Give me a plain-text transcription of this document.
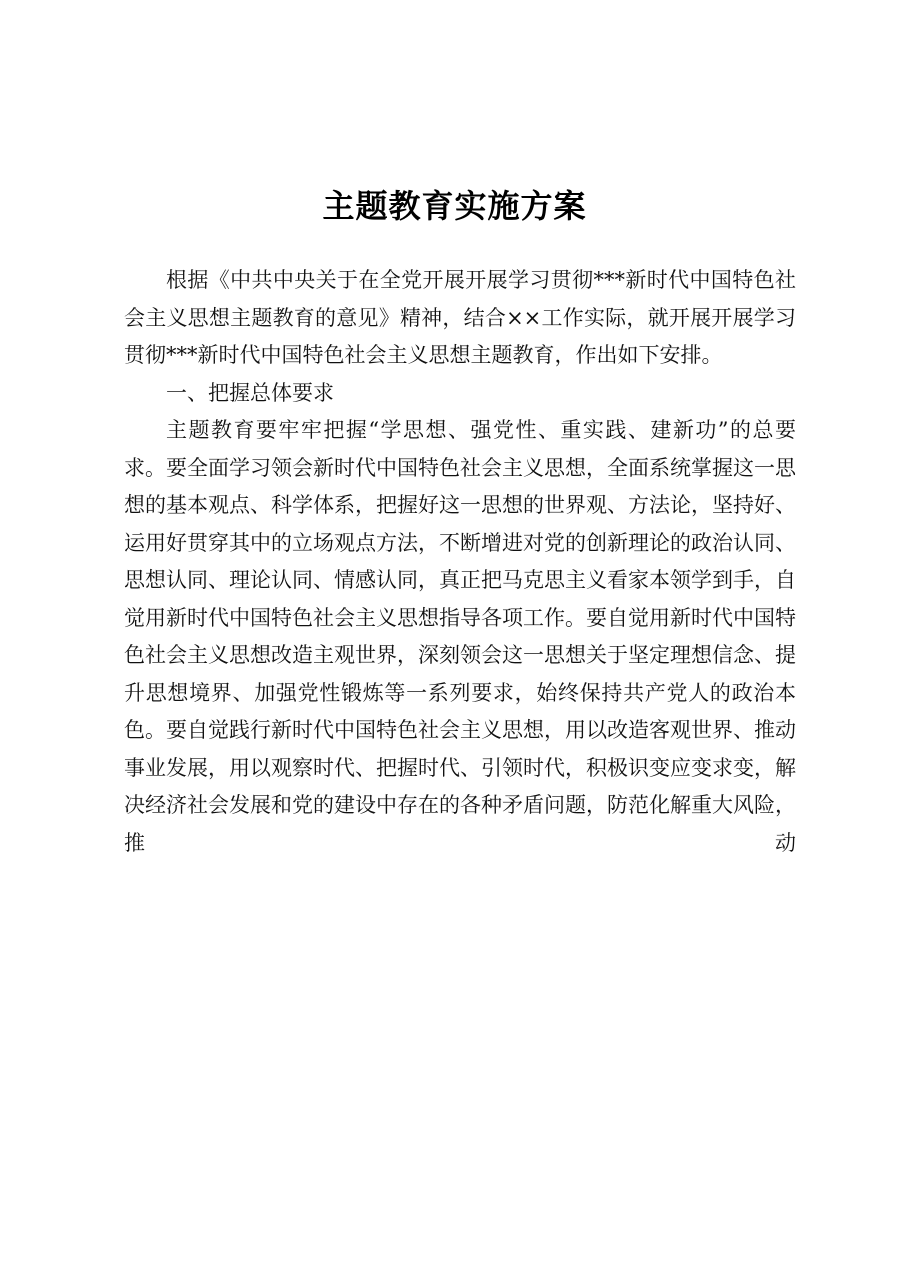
主题教育实施方案

根据《中共中央关于在全党开展开展学习贯彻***新时代中国特色社会主义思想主题教育的意见》精神，结合××工作实际，就开展开展学习贯彻***新时代中国特色社会主义思想主题教育，作出如下安排。

一、把握总体要求

主题教育要牢牢把握“学思想、强党性、重实践、建新功”的总要求。要全面学习领会新时代中国特色社会主义思想，全面系统掌握这一思想的基本观点、科学体系，把握好这一思想的世界观、方法论，坚持好、运用好贯穿其中的立场观点方法，不断增进对党的创新理论的政治认同、思想认同、理论认同、情感认同，真正把马克思主义看家本领学到手，自觉用新时代中国特色社会主义思想指导各项工作。要自觉用新时代中国特色社会主义思想改造主观世界，深刻领会这一思想关于坚定理想信念、提升思想境界、加强党性锻炼等一系列要求，始终保持共产党人的政治本色。要自觉践行新时代中国特色社会主义思想，用以改造客观世界、推动事业发展，用以观察时代、把握时代、引领时代，积极识变应变求变，解决经济社会发展和党的建设中存在的各种矛盾问题，防范化解重大风险，推动
